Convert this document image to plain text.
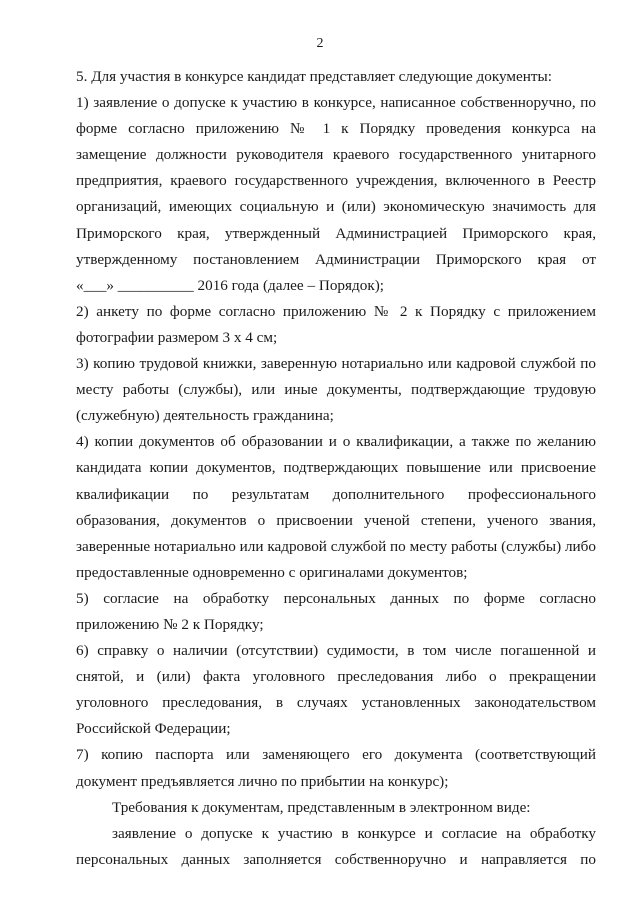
2
5. Для участия в конкурсе кандидат представляет следующие документы:
1) заявление о допуске к участию в конкурсе, написанное собственноручно, по
форме согласно приложению № 1 к Порядку проведения конкурса на
замещение должности руководителя краевого государственного унитарного
предприятия, краевого государственного учреждения, включенного в Реестр
организаций, имеющих социальную и (или) экономическую значимость для
Приморского края, утвержденный Администрацией Приморского края,
утвержденному постановлением Администрации Приморского края от
«___» __________ 2016 года (далее – Порядок);
2) анкету по форме согласно приложению № 2 к Порядку с приложением
фотографии размером 3 х 4 см;
3) копию трудовой книжки, заверенную нотариально или кадровой службой по
месту работы (службы), или иные документы, подтверждающие трудовую
(служебную) деятельность гражданина;
4) копии документов об образовании и о квалификации, а также по желанию
кандидата копии документов, подтверждающих повышение или присвоение
квалификации по результатам дополнительного профессионального
образования, документов о присвоении ученой степени, ученого звания,
заверенные нотариально или кадровой службой по месту работы (службы) либо
предоставленные одновременно с оригиналами документов;
5) согласие на обработку персональных данных по форме согласно
приложению № 2 к Порядку;
6) справку о наличии (отсутствии) судимости, в том числе погашенной и
снятой, и (или) факта уголовного преследования либо о прекращении
уголовного преследования, в случаях установленных законодательством
Российской Федерации;
7) копию паспорта или заменяющего его документа (соответствующий
документ предъявляется лично по прибытии на конкурс);
Требования к документам, представленным в электронном виде:
заявление о допуске к участию в конкурсе и согласие на обработку
персональных данных заполняется собственноручно и направляется по
